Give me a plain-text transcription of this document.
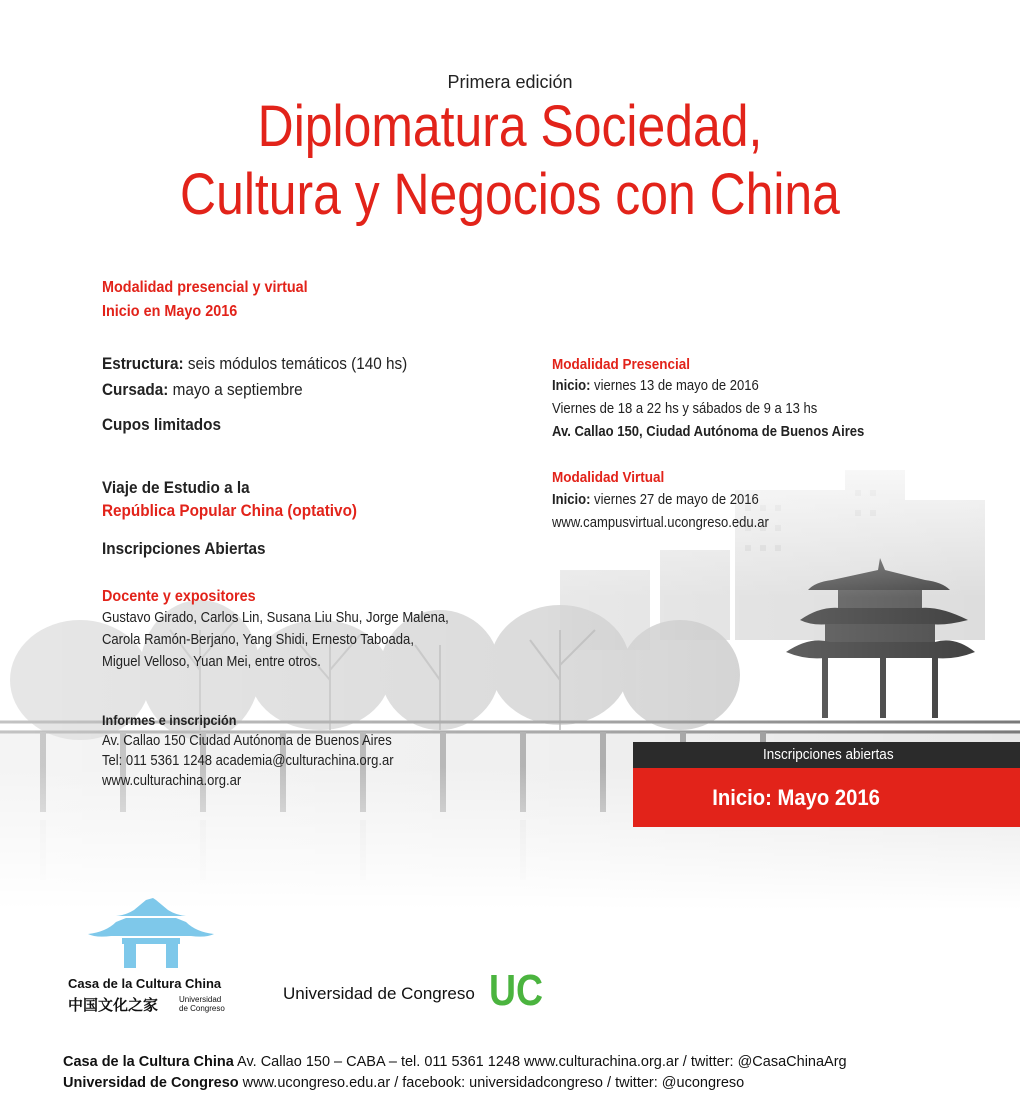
Primera edición
Diplomatura Sociedad,
Cultura y Negocios con China
Modalidad presencial y virtual
Inicio en Mayo 2016
Estructura: seis módulos temáticos (140 hs)
Cursada: mayo a septiembre
Cupos limitados
Viaje de Estudio a la
República Popular China (optativo)
Inscripciones Abiertas
Docente y expositores
Gustavo Girado, Carlos Lin, Susana Liu Shu, Jorge Malena,
Carola Ramón-Berjano, Yang Shidi, Ernesto Taboada,
Miguel Velloso, Yuan Mei, entre otros.
Informes e inscripción
Av. Callao 150 Ciudad Autónoma de Buenos Aires
Tel: 011 5361 1248 academia@culturachina.org.ar
www.culturachina.org.ar
Modalidad Presencial
Inicio: viernes 13 de mayo de 2016
Viernes de 18 a 22 hs y sábados de 9 a 13 hs
Av. Callao 150, Ciudad Autónoma de Buenos Aires
Modalidad Virtual
Inicio: viernes 27 de mayo de 2016
www.campusvirtual.ucongreso.edu.ar
Inscripciones abiertas
Inicio: Mayo 2016
Casa de la Cultura China
中国文化之家	Universidad
de Congreso
Universidad de Congreso UC
Casa de la Cultura China Av. Callao 150 – CABA – tel. 011 5361 1248 www.culturachina.org.ar / twitter: @CasaChinaArg
Universidad de Congreso www.ucongreso.edu.ar / facebook: universidadcongreso / twitter: @ucongreso
